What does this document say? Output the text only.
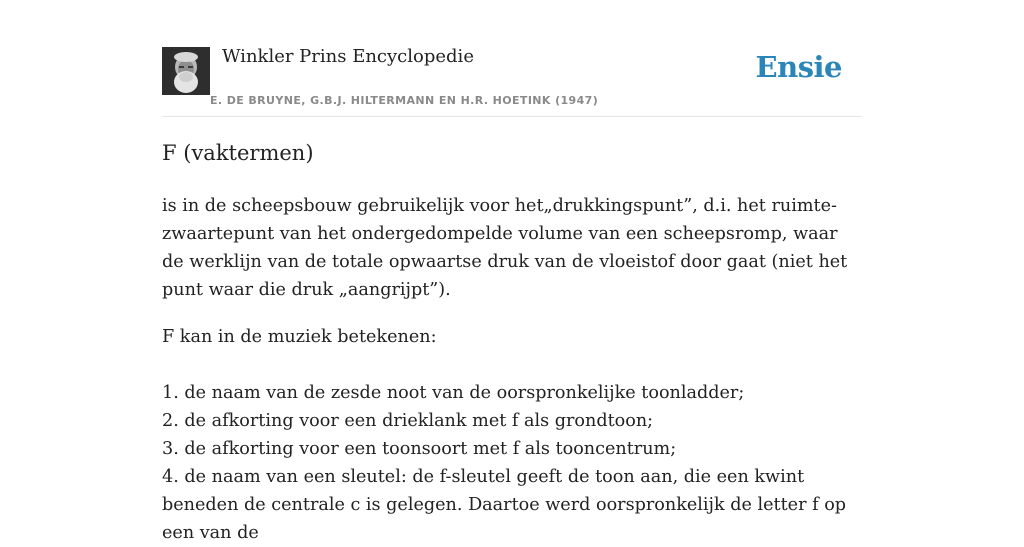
Winkler Prins Encyclopedie
E. DE BRUYNE, G.B.J. HILTERMANN EN H.R. HOETINK (1947)
Ensie
F (vaktermen)

is in de scheepsbouw gebruikelijk voor het„drukkingspunt”, d.i. het ruimte-zwaartepunt van het ondergedompelde volume van een scheepsromp, waar de werklijn van de totale opwaartse druk van de vloeistof door gaat (niet het punt waar die druk „aangrijpt”).

F kan in de muziek betekenen:

1. de naam van de zesde noot van de oorspronkelijke toonladder;
2. de afkorting voor een drieklank met f als grondtoon;
3. de afkorting voor een toonsoort met f als tooncentrum;
4. de naam van een sleutel: de f-sleutel geeft de toon aan, die een kwint beneden de centrale c is gelegen. Daartoe werd oorspronkelijk de letter f op een van de
